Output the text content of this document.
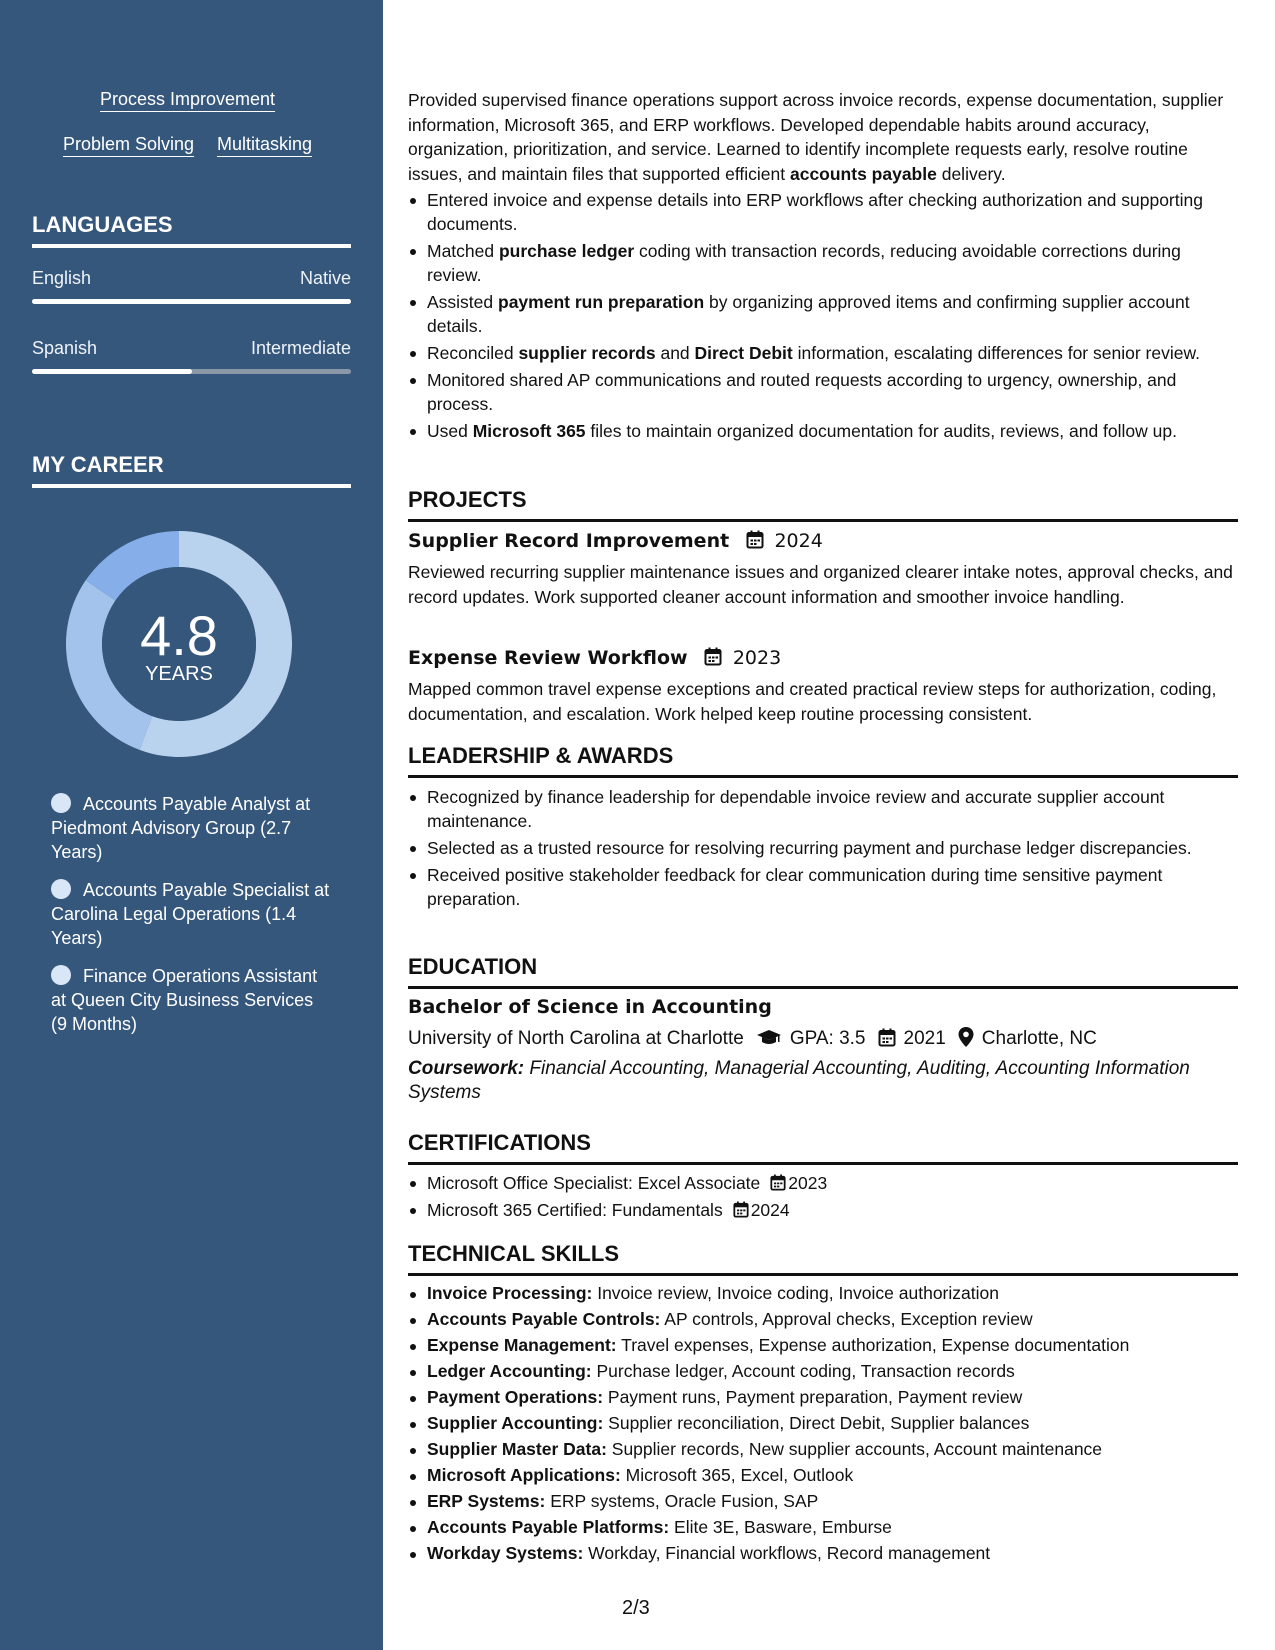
Process Improvement
Problem Solving Multitasking
LANGUAGES
English	Native
Spanish	Intermediate
MY CAREER
4.8
YEARS
Accounts Payable Analyst at Piedmont Advisory Group (2.7 Years)
Accounts Payable Specialist at Carolina Legal Operations (1.4 Years)
Finance Operations Assistant at Queen City Business Services (9 Months)
Provided supervised finance operations support across invoice records, expense documentation, supplier information, Microsoft 365, and ERP workflows. Developed dependable habits around accuracy, organization, prioritization, and service. Learned to identify incomplete requests early, resolve routine issues, and maintain files that supported efficient accounts payable delivery.
Entered invoice and expense details into ERP workflows after checking authorization and supporting documents.
Matched purchase ledger coding with transaction records, reducing avoidable corrections during review.
Assisted payment run preparation by organizing approved items and confirming supplier account details.
Reconciled supplier records and Direct Debit information, escalating differences for senior review.
Monitored shared AP communications and routed requests according to urgency, ownership, and process.
Used Microsoft 365 files to maintain organized documentation for audits, reviews, and follow up.
PROJECTS
Supplier Record Improvement 2024
Reviewed recurring supplier maintenance issues and organized clearer intake notes, approval checks, and record updates. Work supported cleaner account information and smoother invoice handling.
Expense Review Workflow 2023
Mapped common travel expense exceptions and created practical review steps for authorization, coding, documentation, and escalation. Work helped keep routine processing consistent.
LEADERSHIP & AWARDS
Recognized by finance leadership for dependable invoice review and accurate supplier account maintenance.
Selected as a trusted resource for resolving recurring payment and purchase ledger discrepancies.
Received positive stakeholder feedback for clear communication during time sensitive payment preparation.
EDUCATION
Bachelor of Science in Accounting
University of North Carolina at Charlotte GPA: 3.5 2021 Charlotte, NC
Coursework: Financial Accounting, Managerial Accounting, Auditing, Accounting Information Systems
CERTIFICATIONS
Microsoft Office Specialist: Excel Associate 2023
Microsoft 365 Certified: Fundamentals 2024
TECHNICAL SKILLS
Invoice Processing: Invoice review, Invoice coding, Invoice authorization
Accounts Payable Controls: AP controls, Approval checks, Exception review
Expense Management: Travel expenses, Expense authorization, Expense documentation
Ledger Accounting: Purchase ledger, Account coding, Transaction records
Payment Operations: Payment runs, Payment preparation, Payment review
Supplier Accounting: Supplier reconciliation, Direct Debit, Supplier balances
Supplier Master Data: Supplier records, New supplier accounts, Account maintenance
Microsoft Applications: Microsoft 365, Excel, Outlook
ERP Systems: ERP systems, Oracle Fusion, SAP
Accounts Payable Platforms: Elite 3E, Basware, Emburse
Workday Systems: Workday, Financial workflows, Record management
2/3
